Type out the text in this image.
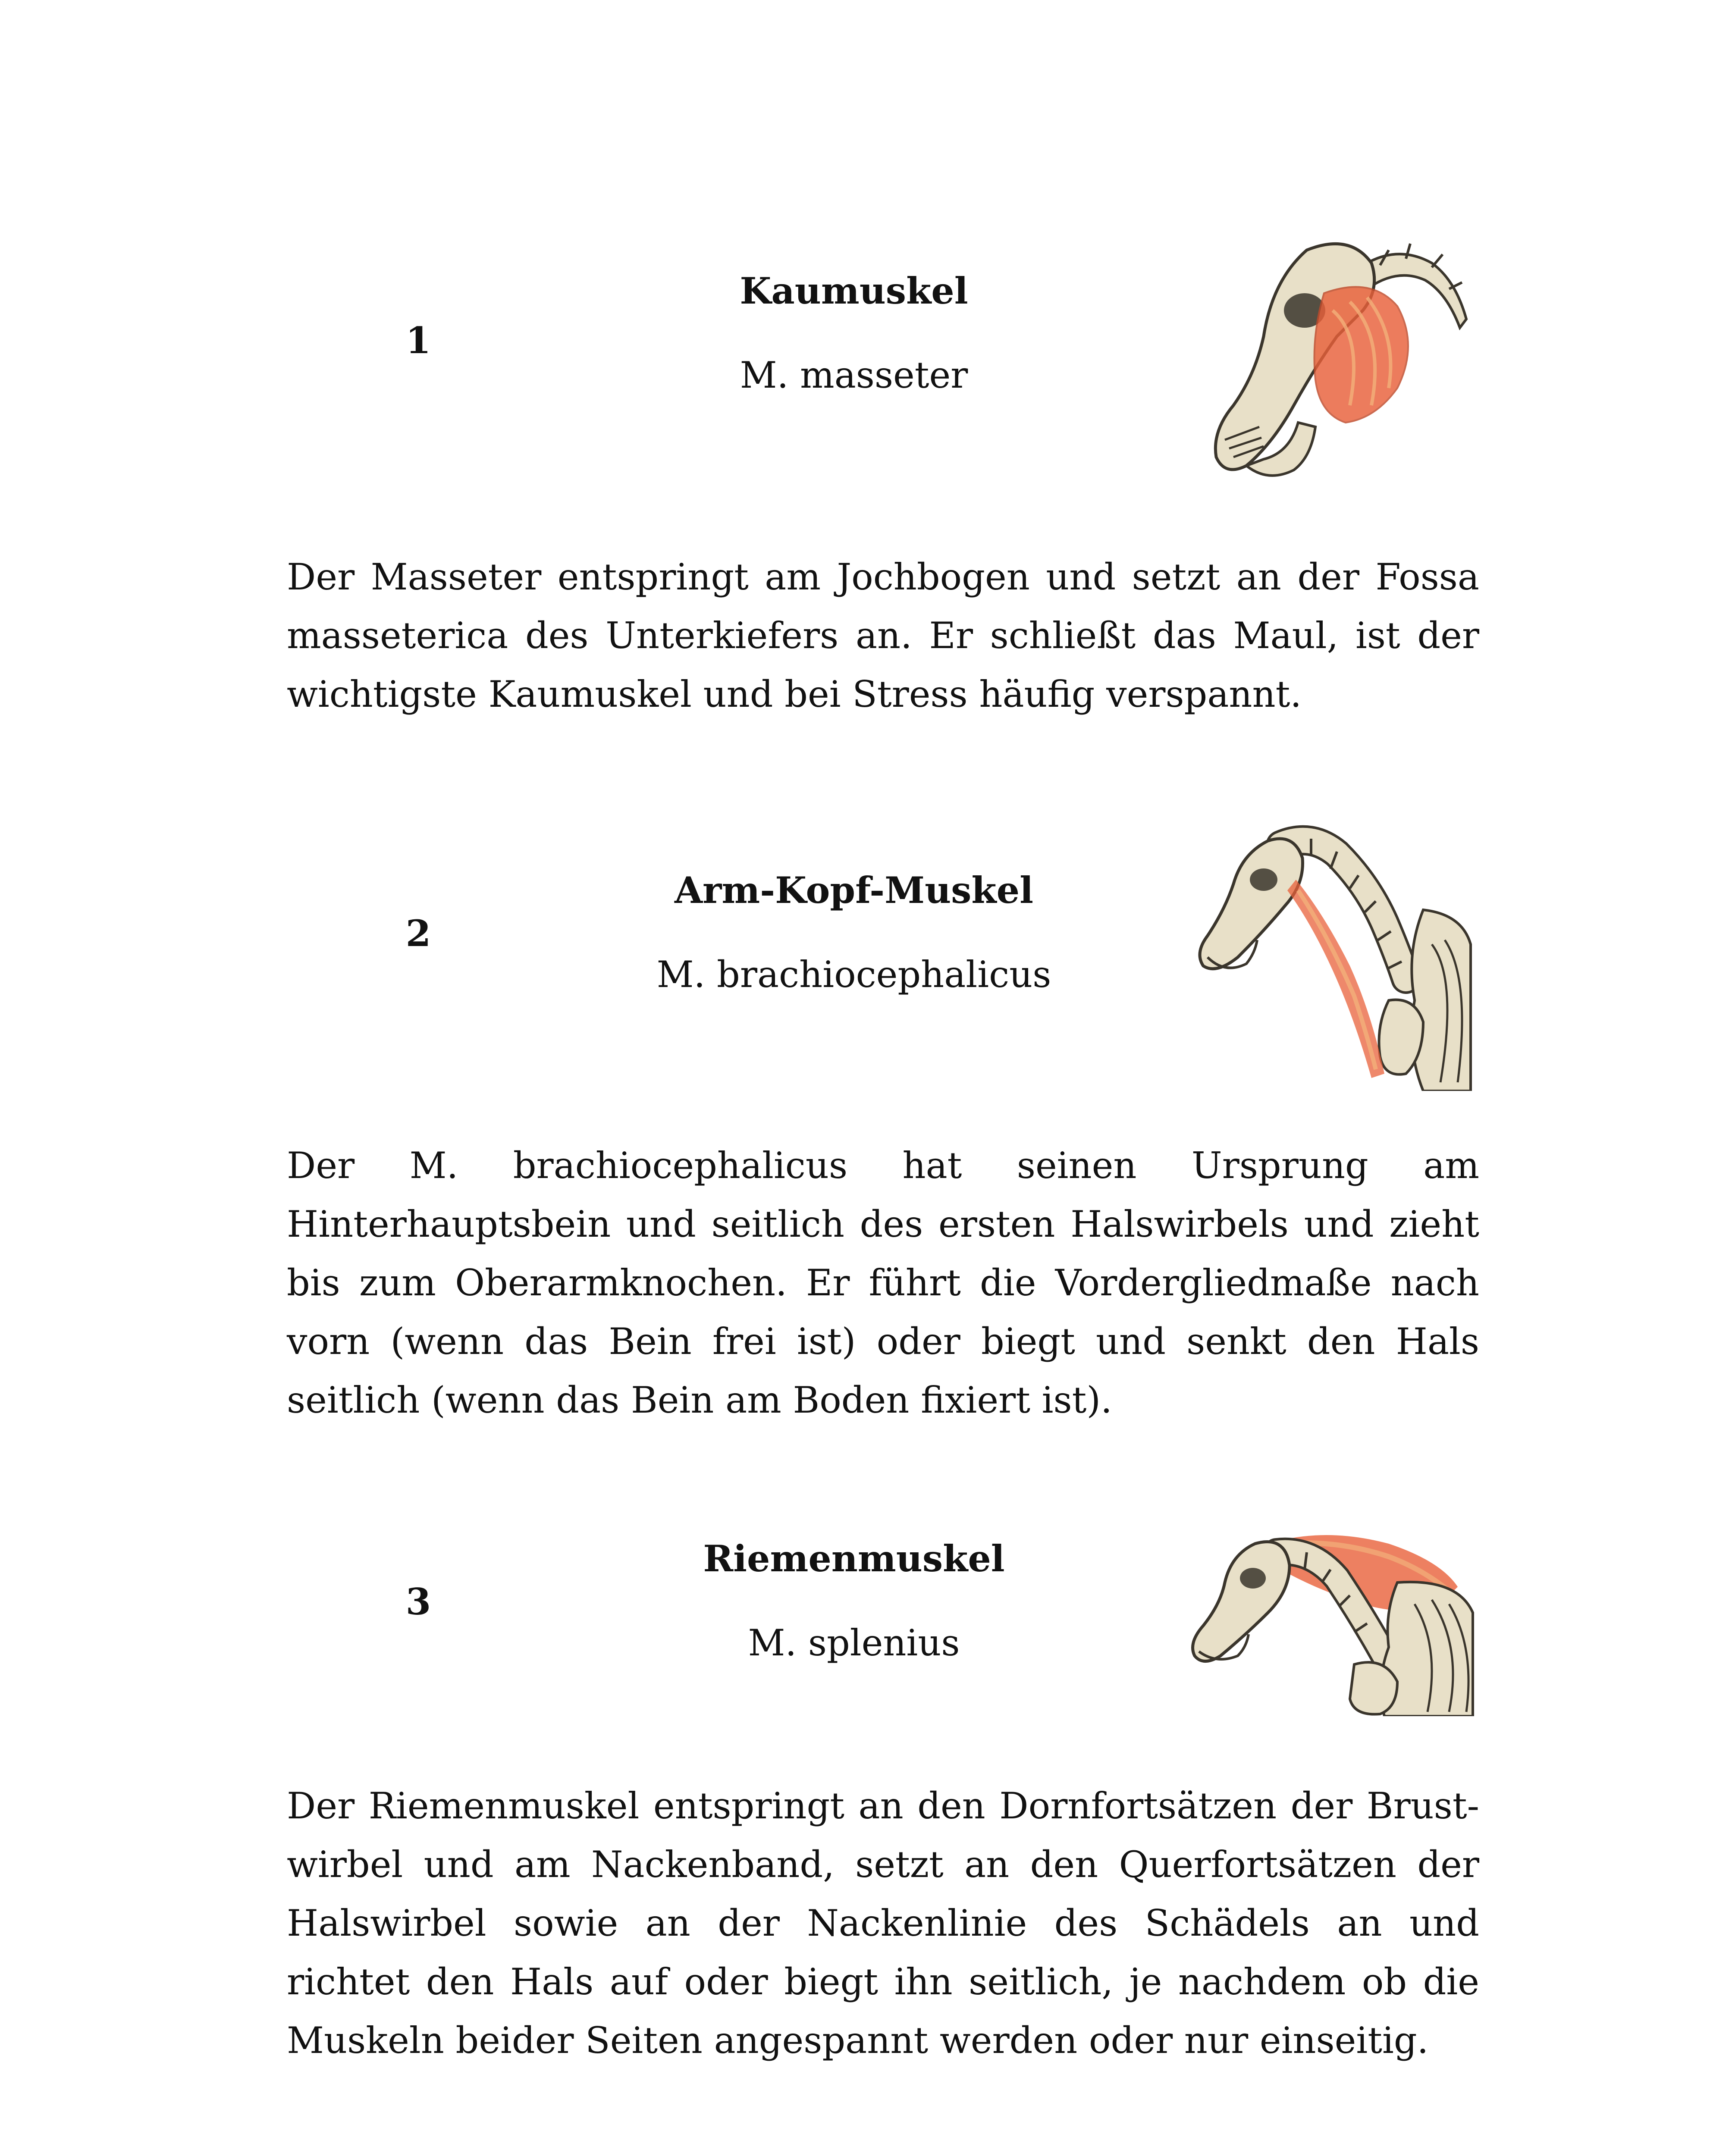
1
Kaumuskel
M. masseter

Der Masseter entspringt am Jochbogen und setzt an der Fossa masseterica des Unterkiefers an. Er schließt das Maul, ist der wichtigste Kaumuskel und bei Stress häufig verspannt.

2
Arm-Kopf-Muskel
M. brachiocephalicus

Der M. brachiocephalicus hat seinen Ursprung am Hinterhauptsbein und seitlich des ersten Halswirbels und zieht bis zum Oberarmknochen. Er führt die Vordergliedmaße nach vorn (wenn das Bein frei ist) oder biegt und senkt den Hals seitlich (wenn das Bein am Boden fixiert ist).

3
Riemenmuskel
M. splenius

Der Riemenmuskel entspringt an den Dornfortsätzen der Brustwirbel und am Nackenband, setzt an den Querfortsätzen der Halswirbel sowie an der Nackenlinie des Schädels an und richtet den Hals auf oder biegt ihn seitlich, je nachdem ob die Muskeln beider Seiten angespannt werden oder nur einseitig.
